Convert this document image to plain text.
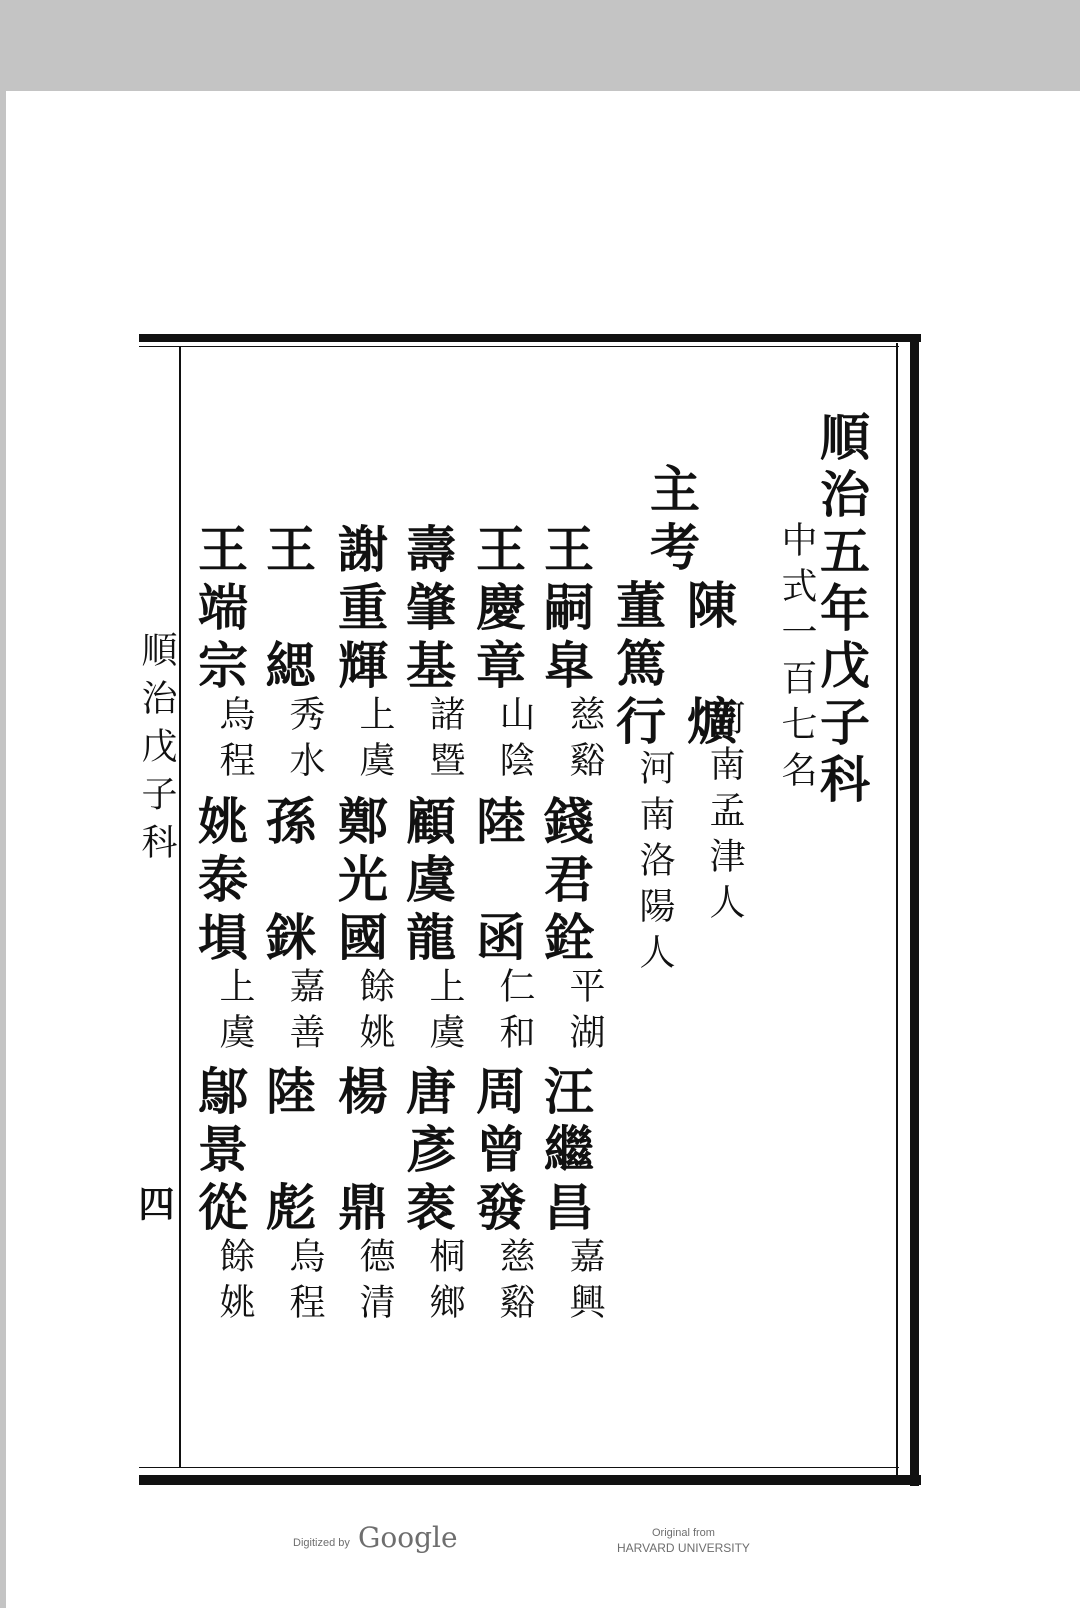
順治五年戊子科
中式一百七名
主考
陳　爌
河南孟津人
董篤行
河南洛陽人
王嗣皐
慈谿
錢君銓
平湖
汪繼昌
嘉興
王慶章
山陰
陸　函
仁和
周曾發
慈谿
壽肇基
諸暨
顧虞龍
上虞
唐彥袠
桐鄉
謝重輝
上虞
鄭光國
餘姚
楊　鼎
德清
王　緦
秀水
孫　銤
嘉善
陸　彪
烏程
王端宗
烏程
姚泰塤
上虞
鄔景從
餘姚
順治戊子科
四
Digitized by Google	Original from
HARVARD UNIVERSITY
